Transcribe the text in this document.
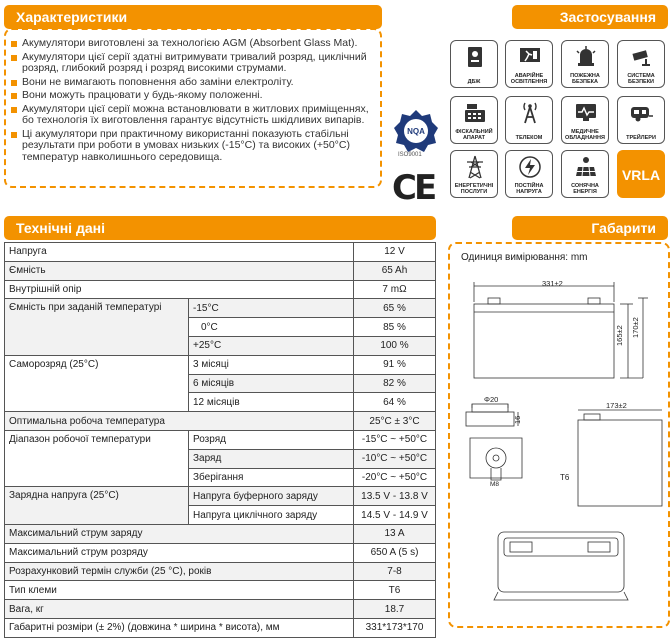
Характеристики
Акумулятори виготовлені за технологією AGM (Absorbent Glass Mat).
Акумулятори цієї серії здатні витримувати тривалий розряд, циклічний розряд, глибокий розряд і розряд високими струмами.
Вони не вимагають поповнення або заміни електроліту.
Вони можуть працювати у будь-якому положенні.
Акумулятори цієї серії можна встановлювати в житлових приміщеннях, бо технологія їх виготовлення гарантує відсутність шкідливих випарів.
Ці акумулятори при практичному використанні показують стабільні результати при роботи в умовах низьких (-15°C) та високих (+50°C) температур навколишнього середовища.
NQA
ISO9001
CE
Застосування
ДБЖ
АВАРІЙНЕ ОСВІТЛЕННЯ
ПОЖЕЖНА БЕЗПЕКА
СИСТЕМА БЕЗПЕКИ
ФІСКАЛЬНИЙ АПАРАТ	ТЕЛЕКОМ
МЕДИЧНЕ ОБЛАДНАННЯ	ТРЕЙЛЕРИ
ЕНЕРГЕТИЧНІ ПОСЛУГИ
ПОСТІЙНА НАПРУГА
СОНЯЧНА ЕНЕРГІЯ
VRLA
Технічні дані
Напруга		12 V
Ємність		65 Ah
Внутрішній опір		7 mΩ
Ємність при заданій температурі	-15°C	65 %
	0°C	85 %
	+25°C	100 %
Саморозряд (25°C)	3 місяці	91 %
	6 місяців	82 %
	12 місяців	64 %
Оптимальна робоча температура		25°C ± 3°C
Діапазон робочої температури	Розряд	-15°C ~ +50°C
	Заряд	-10°C ~ +50°C
	Зберігання	-20°C ~ +50°C
Зарядна напруга (25°C)	Напруга буферного заряду	13.5 V - 13.8 V
	Напруга циклічного заряду	14.5 V - 14.9 V
Максимальний струм заряду		13 A
Максимальний струм розряду		650 A (5 s)
Розрахунковий термін служби (25 °C), років		7-8
Тип клеми		T6
Вага, кг		18.7
Габаритні розміри (± 2%) (довжина * ширина * висота), мм		331*173*170
Габарити
Одиниця вимірювання: mm
331±2
165±2 170±2
Φ20
16
M8
T6
173±2
